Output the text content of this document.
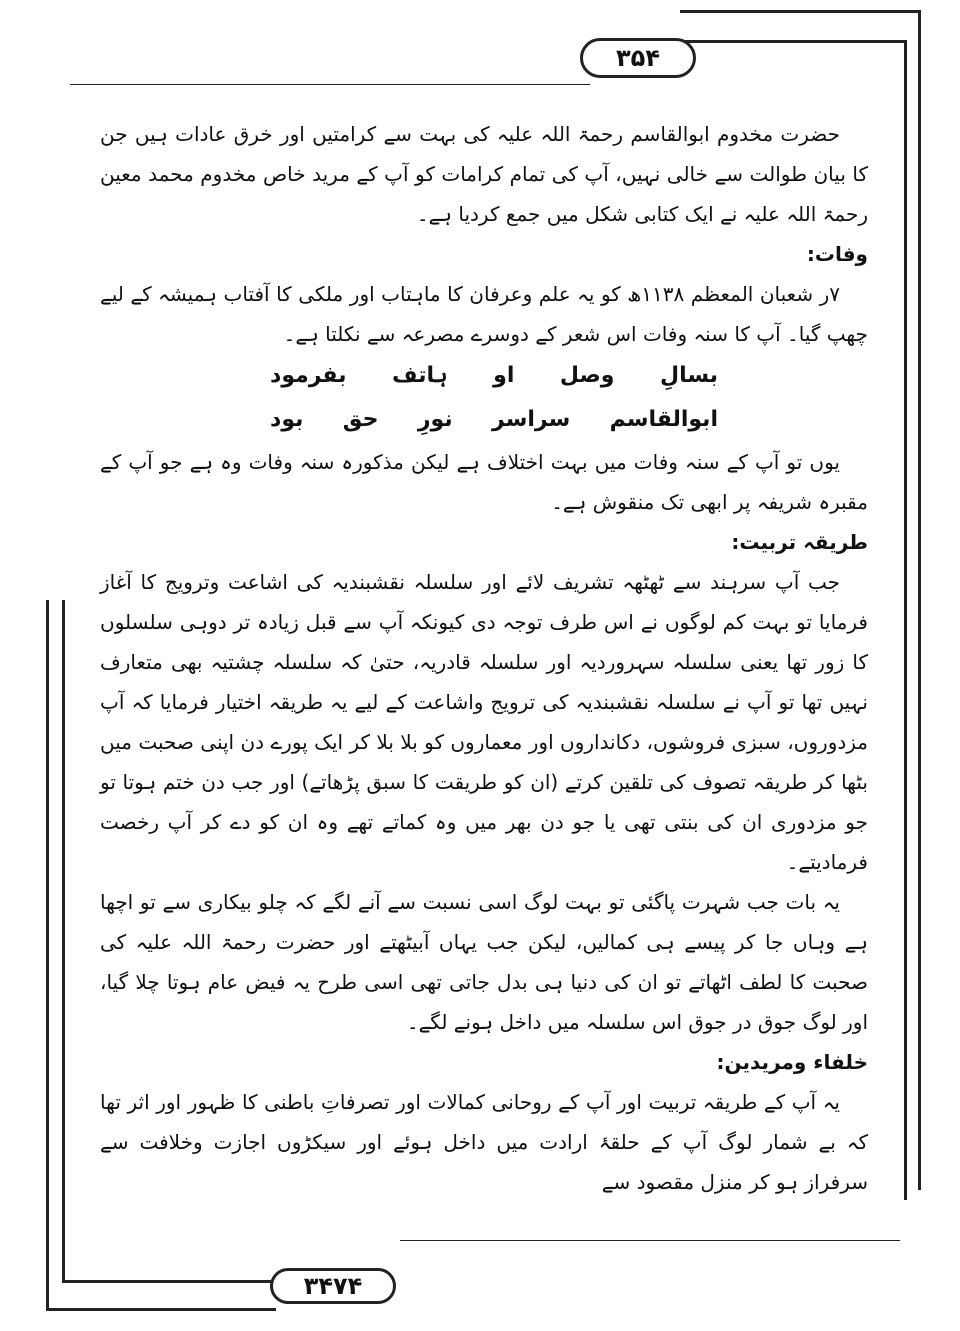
۳۵۴
۳۴۷۴

حضرت مخدوم ابوالقاسم رحمۃ اللہ علیہ کی بہت سے کرامتیں اور خرق عادات ہیں جن کا بیان طوالت سے خالی نہیں، آپ کی تمام کرامات کو آپ کے مرید خاص مخدوم محمد معین رحمۃ اللہ علیہ نے ایک کتابی شکل میں جمع کردیا ہے۔

وفات:

۷ر شعبان المعظم ۱۱۳۸ھ کو یہ علم وعرفان کا ماہتاب اور ملکی کا آفتاب ہمیشہ کے لیے چھپ گیا۔ آپ کا سنہ وفات اس شعر کے دوسرے مصرعہ سے نکلتا ہے۔

بسالِ
وصل
او
ہاتف
بفرمود
ابوالقاسم
سراسر
نورِ
حق
بود

یوں تو آپ کے سنہ وفات میں بہت اختلاف ہے لیکن مذکورہ سنہ وفات وہ ہے جو آپ کے مقبرہ شریفہ پر ابھی تک منقوش ہے۔

طریقہ تربیت:

جب آپ سرہند سے ٹھٹھہ تشریف لائے اور سلسلہ نقشبندیہ کی اشاعت وترویج کا آغاز فرمایا تو بہت کم لوگوں نے اس طرف توجہ دی کیونکہ آپ سے قبل زیادہ تر دوہی سلسلوں کا زور تھا یعنی سلسلہ سہروردیہ اور سلسلہ قادریہ، حتیٰ کہ سلسلہ چشتیہ بھی متعارف نہیں تھا تو آپ نے سلسلہ نقشبندیہ کی ترویج واشاعت کے لیے یہ طریقہ اختیار فرمایا کہ آپ مزدوروں، سبزی فروشوں، دکانداروں اور معماروں کو بلا بلا کر ایک پورے دن اپنی صحبت میں بٹھا کر طریقہ تصوف کی تلقین کرتے (ان کو طریقت کا سبق پڑھاتے) اور جب دن ختم ہوتا تو جو مزدوری ان کی بنتی تھی یا جو دن بھر میں وہ کماتے تھے وہ ان کو دے کر آپ رخصت فرمادیتے۔

یہ بات جب شہرت پاگئی تو بہت لوگ اسی نسبت سے آنے لگے کہ چلو بیکاری سے تو اچھا ہے وہاں جا کر پیسے ہی کمالیں، لیکن جب یہاں آبیٹھتے اور حضرت رحمۃ اللہ علیہ کی صحبت کا لطف اٹھاتے تو ان کی دنیا ہی بدل جاتی تھی اسی طرح یہ فیض عام ہوتا چلا گیا، اور لوگ جوق در جوق اس سلسلہ میں داخل ہونے لگے۔

خلفاء ومریدین:

یہ آپ کے طریقہ تربیت اور آپ کے روحانی کمالات اور تصرفاتِ باطنی کا ظہور اور اثر تھا کہ بے شمار لوگ آپ کے حلقۂ ارادت میں داخل ہوئے اور سیکڑوں اجازت وخلافت سے سرفراز ہو کر منزل مقصود سے
